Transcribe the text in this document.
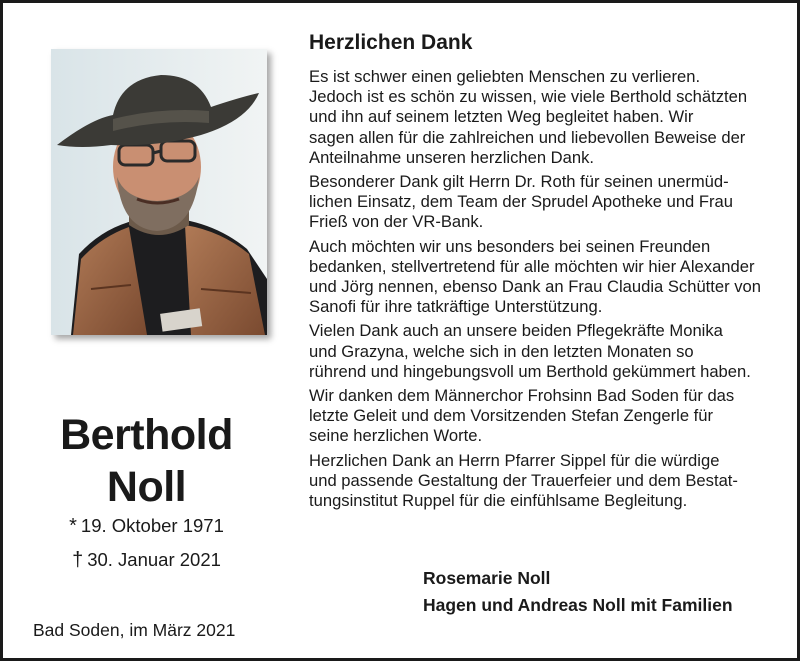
Berthold
Noll
* 19. Oktober 1971
† 30. Januar 2021
Bad Soden, im März 2021
Herzlichen Dank

Es ist schwer einen geliebten Menschen zu verlieren.
Jedoch ist es schön zu wissen, wie viele Berthold schätzten
und ihn auf seinem letzten Weg begleitet haben. Wir
sagen allen für die zahlreichen und liebevollen Beweise der
Anteilnahme unseren herzlichen Dank.

Besonderer Dank gilt Herrn Dr. Roth für seinen unermüd-
lichen Einsatz, dem Team der Sprudel Apotheke und Frau
Frieß von der VR-Bank.

Auch möchten wir uns besonders bei seinen Freunden
bedanken, stellvertretend für alle möchten wir hier Alexander
und Jörg nennen, ebenso Dank an Frau Claudia Schütter von
Sanofi für ihre tatkräftige Unterstützung.

Vielen Dank auch an unsere beiden Pflegekräfte Monika
und Grazyna, welche sich in den letzten Monaten so
rührend und hingebungsvoll um Berthold gekümmert haben.

Wir danken dem Männerchor Frohsinn Bad Soden für das
letzte Geleit und dem Vorsitzenden Stefan Zengerle für
seine herzlichen Worte.

Herzlichen Dank an Herrn Pfarrer Sippel für die würdige
und passende Gestaltung der Trauerfeier und dem Bestat-
tungsinstitut Ruppel für die einfühlsame Begleitung.

Rosemarie Noll
Hagen und Andreas Noll mit Familien
